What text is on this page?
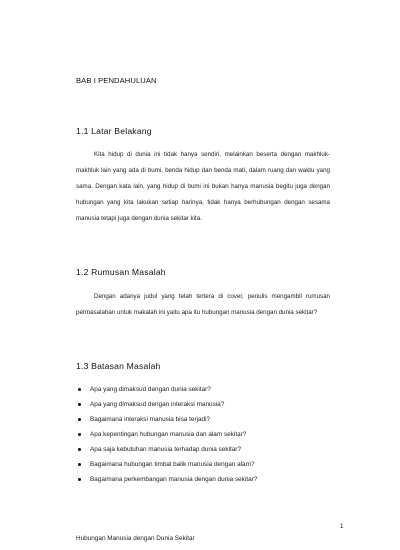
BAB I PENDAHULUAN
1.1 Latar Belakang
Kita hidup di dunia ini tidak hanya sendiri, melainkan beserta dengan makhluk-makhluk lain yang ada di bumi, benda hidup dan benda mati, dalam ruang dan waktu yang sama. Dengan kata lain, yang hidup di bumi ini bukan hanya manusia begitu juga dengan hubungan yang kita lakukan setiap harinya, tidak hanya berhubungan dengan sesama manusia tetapi juga dengan dunia sekitar kita.
1.2 Rumusan Masalah
Dengan adanya judul yang telah tertera di cover, penulis mengambil rumusan permasalahan untuk makalah ini yaitu apa itu hubungan manusia dengan dunia sekitar?
1.3 Batasan Masalah
Apa yang dimaksud dengan dunia sekitar?
Apa yang dimaksud dengan interaksi manusia?
Bagaimana interaksi manusia bisa terjadi?
Apa kepentingan hubungan manusia dan alam sekitar?
Apa saja kebutuhan manusia terhadap dunia sekitar?
Bagaimana hubungan timbal balik manusia dengan alam?
Bagaimana perkembangan manusia dengan dunia sekitar?
1
Hubungan Manusia dengan Dunia Sekitar
